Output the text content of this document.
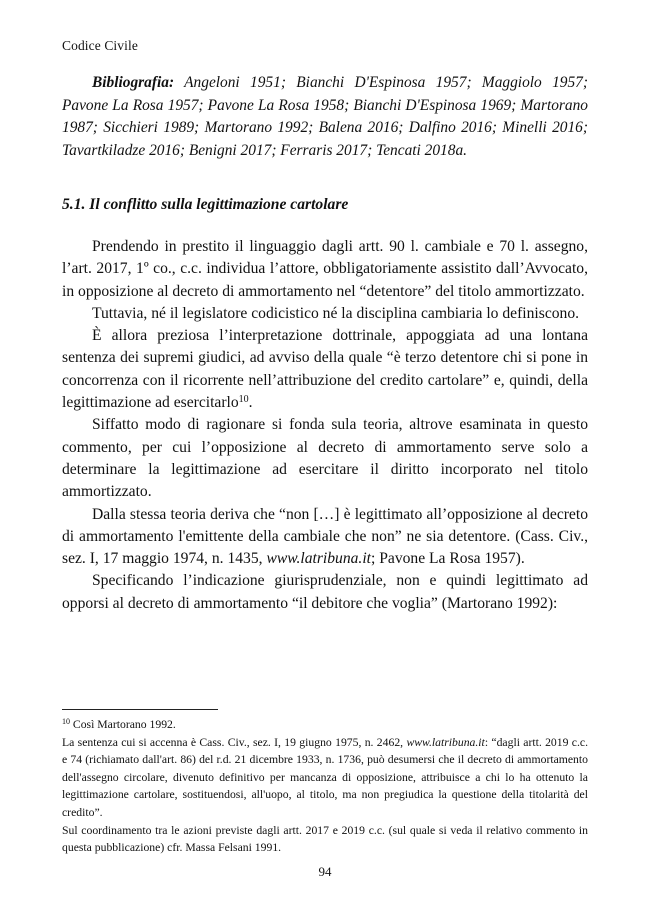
Codice Civile

Bibliografia: Angeloni 1951; Bianchi D'Espinosa 1957; Maggiolo 1957; Pavone La Rosa 1957; Pavone La Rosa 1958; Bianchi D'Espinosa 1969; Martorano 1987; Sicchieri 1989; Martorano 1992; Balena 2016; Dalfino 2016; Minelli 2016; Tavartkiladze 2016; Benigni 2017; Ferraris 2017; Tencati 2018a.

5.1. Il conflitto sulla legittimazione cartolare

Prendendo in prestito il linguaggio dagli artt. 90 l. cambiale e 70 l. assegno, l’art. 2017, 1º co., c.c. individua l’attore, obbligatoriamente assistito dall’Avvocato, in opposizione al decreto di ammortamento nel “detentore” del titolo ammortizzato.

Tuttavia, né il legislatore codicistico né la disciplina cambiaria lo definiscono.

È allora preziosa l’interpretazione dottrinale, appoggiata ad una lontana sentenza dei supremi giudici, ad avviso della quale “è terzo detentore chi si pone in concorrenza con il ricorrente nell’attribuzione del credito cartolare” e, quindi, della legittimazione ad esercitarlo$^{10}$.

Siffatto modo di ragionare si fonda sula teoria, altrove esaminata in questo commento, per cui l’opposizione al decreto di ammortamento serve solo a determinare la legittimazione ad esercitare il diritto incorporato nel titolo ammortizzato.

Dalla stessa teoria deriva che “non […] è legittimato all’opposizione al decreto di ammortamento l'emittente della cambiale che non” ne sia detentore. (Cass. Civ., sez. I, 17 maggio 1974, n. 1435, www.latribuna.it; Pavone La Rosa 1957).

Specificando l’indicazione giurisprudenziale, non e quindi legittimato ad opporsi al decreto di ammortamento “il debitore che voglia” (Martorano 1992):

$^{10}$ Così Martorano 1992.

La sentenza cui si accenna è Cass. Civ., sez. I, 19 giugno 1975, n. 2462, www.latribuna.it: “dagli artt. 2019 c.c. e 74 (richiamato dall'art. 86) del r.d. 21 dicembre 1933, n. 1736, può desumersi che il decreto di ammortamento dell'assegno circolare, divenuto definitivo per mancanza di opposizione, attribuisce a chi lo ha ottenuto la legittimazione cartolare, sostituendosi, all'uopo, al titolo, ma non pregiudica la questione della titolarità del credito”.

Sul coordinamento tra le azioni previste dagli artt. 2017 e 2019 c.c. (sul quale si veda il relativo commento in questa pubblicazione) cfr. Massa Felsani 1991.

94
